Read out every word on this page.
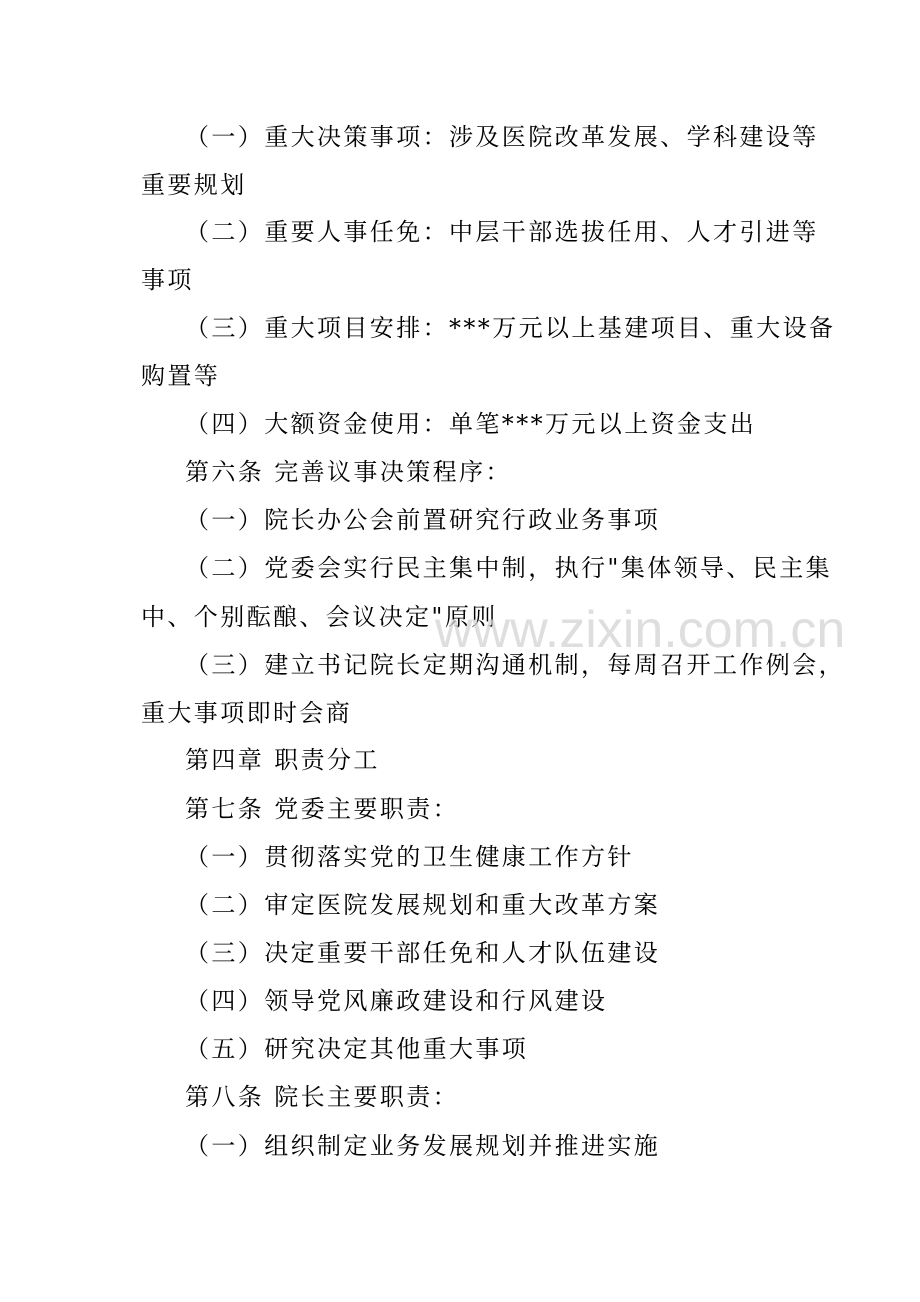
（一）重大决策事项：涉及医院改革发展、学科建设等
重要规划
（二）重要人事任免：中层干部选拔任用、人才引进等
事项
（三）重大项目安排：***万元以上基建项目、重大设备
购置等
（四）大额资金使用：单笔***万元以上资金支出
第六条 完善议事决策程序：
（一）院长办公会前置研究行政业务事项
（二）党委会实行民主集中制，执行"集体领导、民主集
中、个别酝酿、会议决定"原则
（三）建立书记院长定期沟通机制，每周召开工作例会，
重大事项即时会商
第四章 职责分工
第七条 党委主要职责：
（一）贯彻落实党的卫生健康工作方针
（二）审定医院发展规划和重大改革方案
（三）决定重要干部任免和人才队伍建设
（四）领导党风廉政建设和行风建设
（五）研究决定其他重大事项
第八条 院长主要职责：
（一）组织制定业务发展规划并推进实施
www.zixin.com.cn
